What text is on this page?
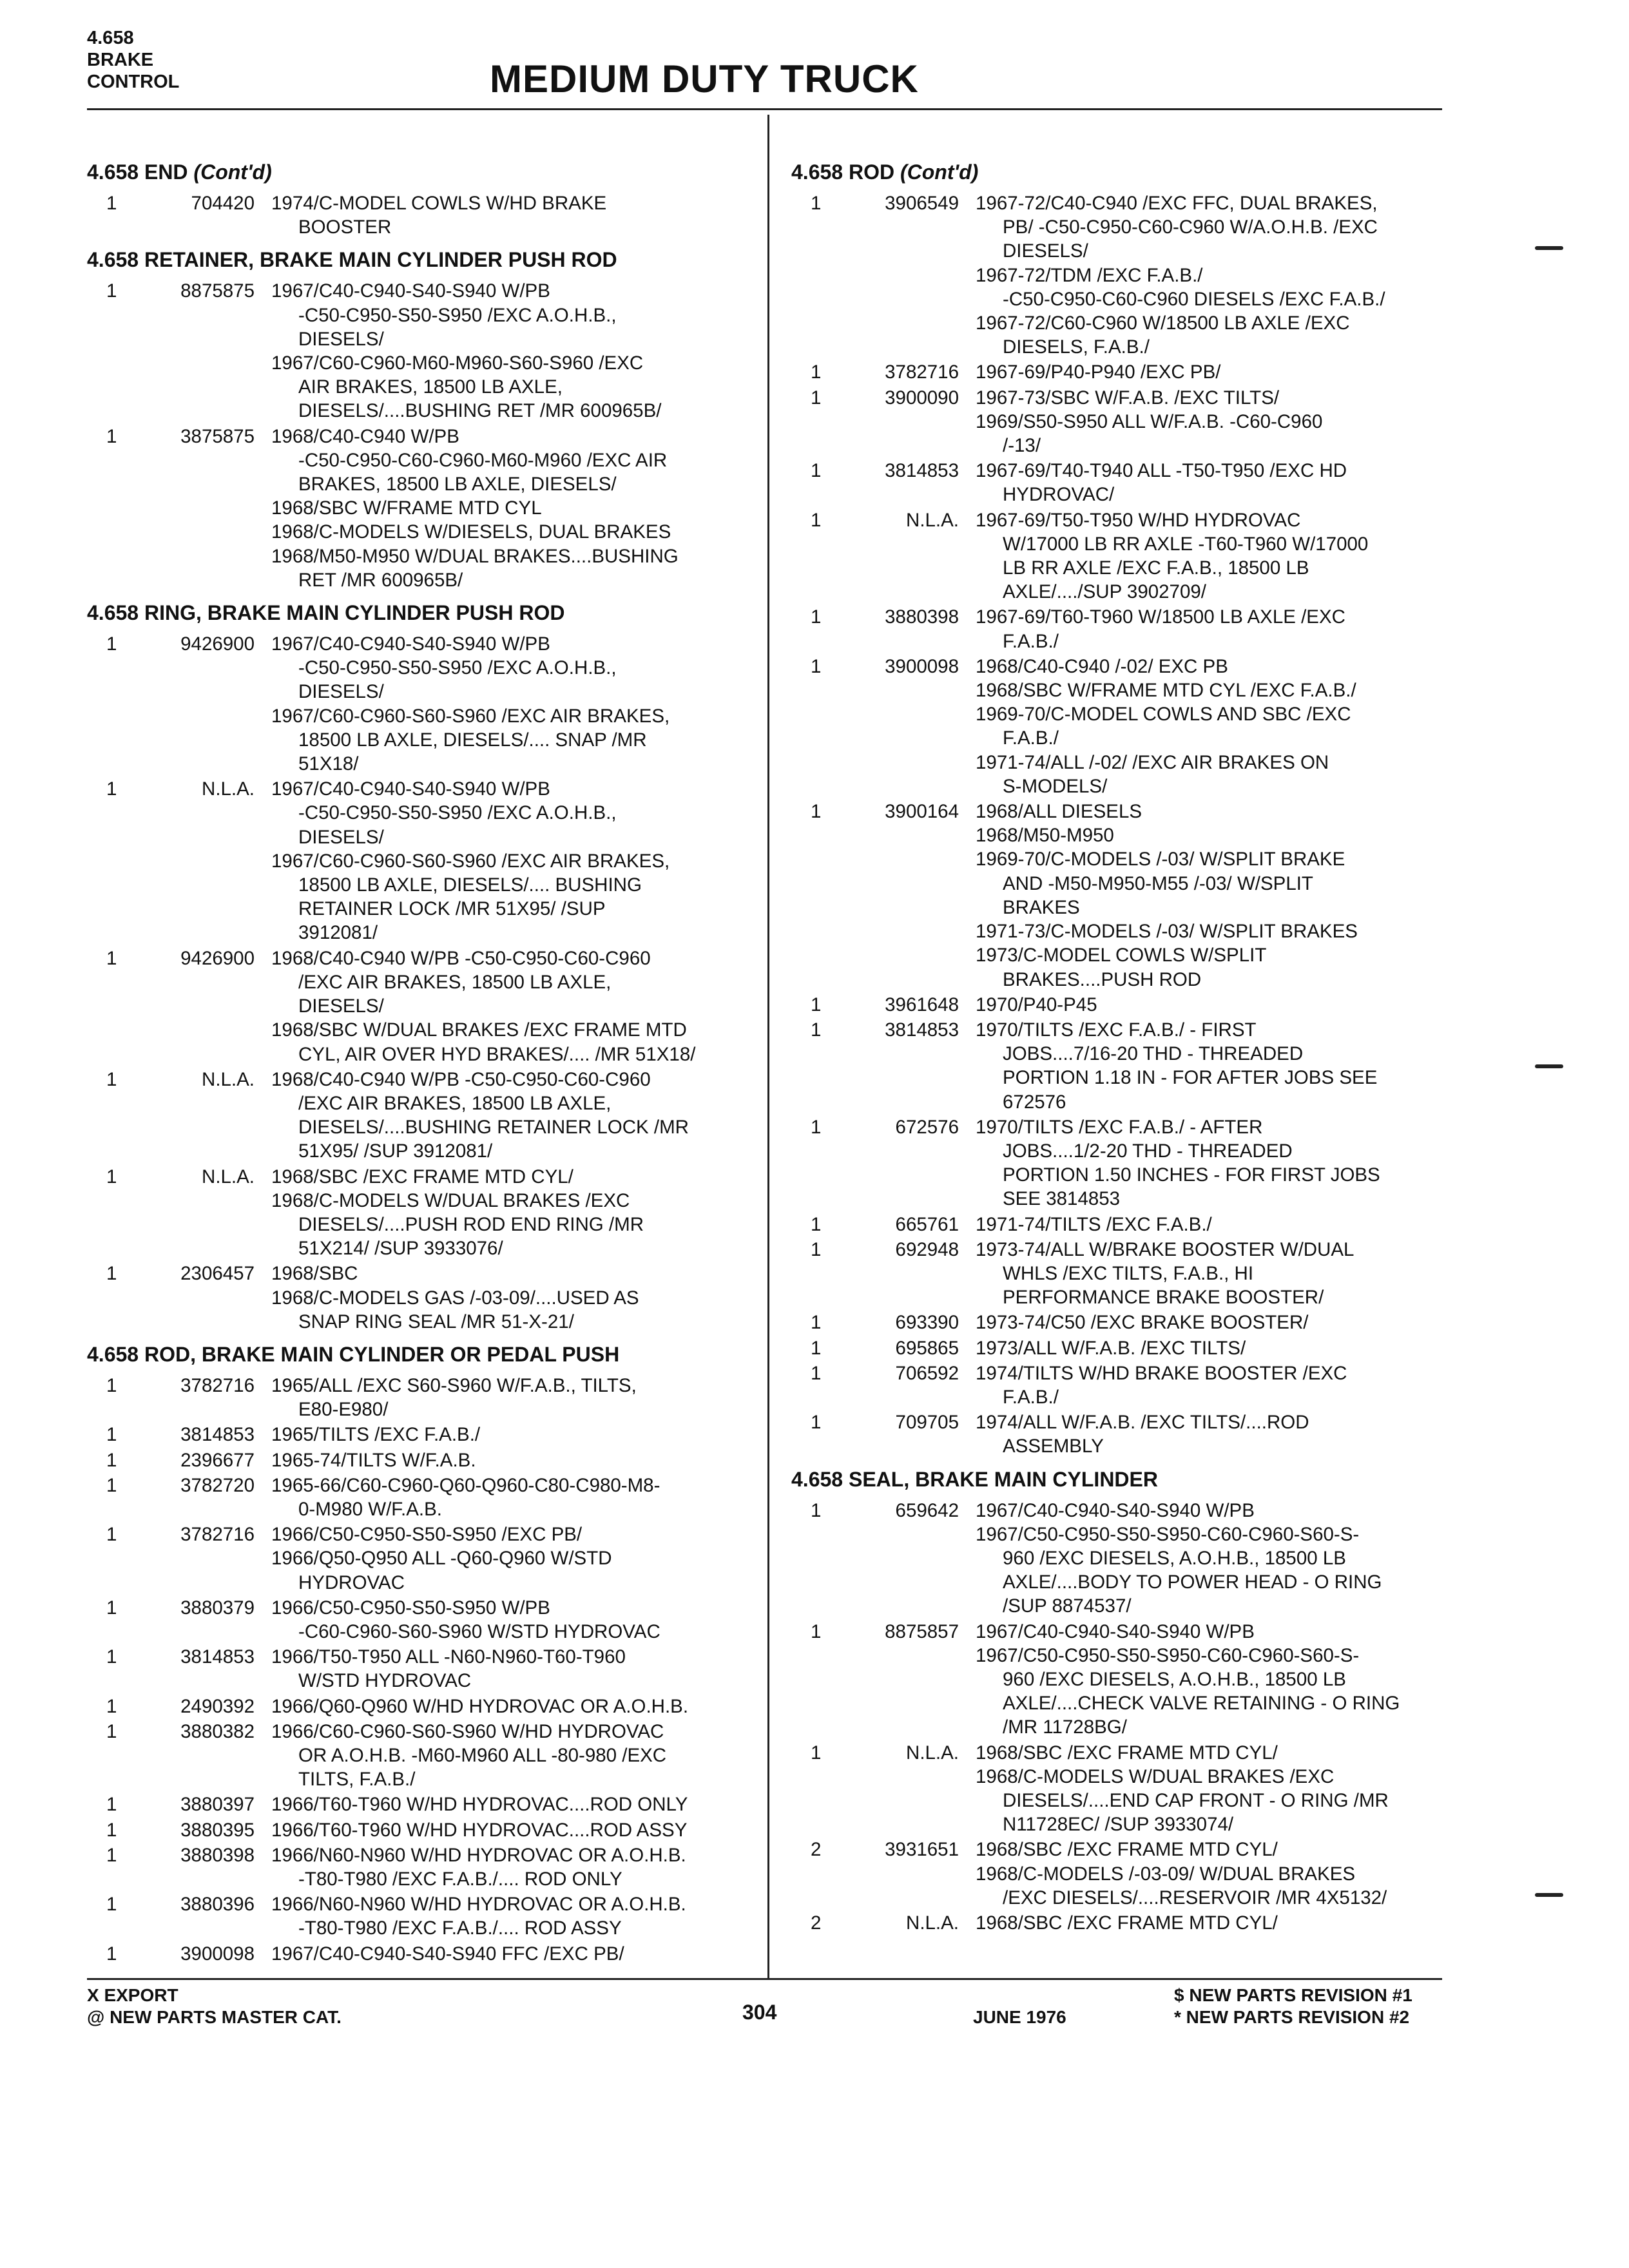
4.658
BRAKE
CONTROL	MEDIUM DUTY TRUCK
4.658 END (Cont'd)
1	704420 1974/C-MODEL COWLS W/HD BRAKE
BOOSTER
4.658 RETAINER, BRAKE MAIN CYLINDER PUSH ROD
1	8875875 1967/C40-C940-S40-S940 W/PB
-C50-C950-S50-S950 /EXC A.O.H.B.,
DIESELS/
1967/C60-C960-M60-M960-S60-S960 /EXC
AIR BRAKES, 18500 LB AXLE,
DIESELS/....BUSHING RET /MR 600965B/
1	3875875 1968/C40-C940 W/PB
-C50-C950-C60-C960-M60-M960 /EXC AIR
BRAKES, 18500 LB AXLE, DIESELS/
1968/SBC W/FRAME MTD CYL
1968/C-MODELS W/DIESELS, DUAL BRAKES
1968/M50-M950 W/DUAL BRAKES....BUSHING
RET /MR 600965B/
4.658 RING, BRAKE MAIN CYLINDER PUSH ROD
1	9426900 1967/C40-C940-S40-S940 W/PB
-C50-C950-S50-S950 /EXC A.O.H.B.,
DIESELS/
1967/C60-C960-S60-S960 /EXC AIR BRAKES,
18500 LB AXLE, DIESELS/.... SNAP /MR
51X18/
1	N.L.A. 1967/C40-C940-S40-S940 W/PB
-C50-C950-S50-S950 /EXC A.O.H.B.,
DIESELS/
1967/C60-C960-S60-S960 /EXC AIR BRAKES,
18500 LB AXLE, DIESELS/.... BUSHING
RETAINER LOCK /MR 51X95/ /SUP
3912081/
1	9426900 1968/C40-C940 W/PB -C50-C950-C60-C960
/EXC AIR BRAKES, 18500 LB AXLE,
DIESELS/
1968/SBC W/DUAL BRAKES /EXC FRAME MTD
CYL, AIR OVER HYD BRAKES/.... /MR 51X18/
1	N.L.A. 1968/C40-C940 W/PB -C50-C950-C60-C960
/EXC AIR BRAKES, 18500 LB AXLE,
DIESELS/....BUSHING RETAINER LOCK /MR
51X95/ /SUP 3912081/
1	N.L.A. 1968/SBC /EXC FRAME MTD CYL/
1968/C-MODELS W/DUAL BRAKES /EXC
DIESELS/....PUSH ROD END RING /MR
51X214/ /SUP 3933076/
1	2306457 1968/SBC
1968/C-MODELS GAS /-03-09/....USED AS
SNAP RING SEAL /MR 51-X-21/
4.658 ROD, BRAKE MAIN CYLINDER OR PEDAL PUSH
1	3782716 1965/ALL /EXC S60-S960 W/F.A.B., TILTS,
E80-E980/
1	3814853 1965/TILTS /EXC F.A.B./
1	2396677 1965-74/TILTS W/F.A.B.
1	3782720 1965-66/C60-C960-Q60-Q960-C80-C980-M8-
0-M980 W/F.A.B.
1	3782716 1966/C50-C950-S50-S950 /EXC PB/
1966/Q50-Q950 ALL -Q60-Q960 W/STD
HYDROVAC
1	3880379 1966/C50-C950-S50-S950 W/PB
-C60-C960-S60-S960 W/STD HYDROVAC
1	3814853 1966/T50-T950 ALL -N60-N960-T60-T960
W/STD HYDROVAC
1	2490392 1966/Q60-Q960 W/HD HYDROVAC OR A.O.H.B.
1	3880382 1966/C60-C960-S60-S960 W/HD HYDROVAC
OR A.O.H.B. -M60-M960 ALL -80-980 /EXC
TILTS, F.A.B./
1	3880397 1966/T60-T960 W/HD HYDROVAC....ROD ONLY
1	3880395 1966/T60-T960 W/HD HYDROVAC....ROD ASSY
1	3880398 1966/N60-N960 W/HD HYDROVAC OR A.O.H.B.
-T80-T980 /EXC F.A.B./.... ROD ONLY
1	3880396 1966/N60-N960 W/HD HYDROVAC OR A.O.H.B.
-T80-T980 /EXC F.A.B./.... ROD ASSY
1	3900098 1967/C40-C940-S40-S940 FFC /EXC PB/
4.658 ROD (Cont'd)
1	3906549 1967-72/C40-C940 /EXC FFC, DUAL BRAKES,
PB/ -C50-C950-C60-C960 W/A.O.H.B. /EXC
DIESELS/
1967-72/TDM /EXC F.A.B./
-C50-C950-C60-C960 DIESELS /EXC F.A.B./
1967-72/C60-C960 W/18500 LB AXLE /EXC
DIESELS, F.A.B./
1	3782716 1967-69/P40-P940 /EXC PB/
1	3900090 1967-73/SBC W/F.A.B. /EXC TILTS/
1969/S50-S950 ALL W/F.A.B. -C60-C960
/-13/
1	3814853 1967-69/T40-T940 ALL -T50-T950 /EXC HD
HYDROVAC/
1	N.L.A. 1967-69/T50-T950 W/HD HYDROVAC
W/17000 LB RR AXLE -T60-T960 W/17000
LB RR AXLE /EXC F.A.B., 18500 LB
AXLE/..../SUP 3902709/
1	3880398 1967-69/T60-T960 W/18500 LB AXLE /EXC
F.A.B./
1	3900098 1968/C40-C940 /-02/ EXC PB
1968/SBC W/FRAME MTD CYL /EXC F.A.B./
1969-70/C-MODEL COWLS AND SBC /EXC
F.A.B./
1971-74/ALL /-02/ /EXC AIR BRAKES ON
S-MODELS/
1	3900164 1968/ALL DIESELS
1968/M50-M950
1969-70/C-MODELS /-03/ W/SPLIT BRAKE
AND -M50-M950-M55 /-03/ W/SPLIT
BRAKES
1971-73/C-MODELS /-03/ W/SPLIT BRAKES
1973/C-MODEL COWLS W/SPLIT
BRAKES....PUSH ROD
1	3961648 1970/P40-P45
1	3814853 1970/TILTS /EXC F.A.B./ - FIRST
JOBS....7/16-20 THD - THREADED
PORTION 1.18 IN - FOR AFTER JOBS SEE
672576
1	672576 1970/TILTS /EXC F.A.B./ - AFTER
JOBS....1/2-20 THD - THREADED
PORTION 1.50 INCHES - FOR FIRST JOBS
SEE 3814853
1	665761 1971-74/TILTS /EXC F.A.B./
1	692948 1973-74/ALL W/BRAKE BOOSTER W/DUAL
WHLS /EXC TILTS, F.A.B., HI
PERFORMANCE BRAKE BOOSTER/
1	693390 1973-74/C50 /EXC BRAKE BOOSTER/
1	695865 1973/ALL W/F.A.B. /EXC TILTS/
1	706592 1974/TILTS W/HD BRAKE BOOSTER /EXC
F.A.B./
1	709705 1974/ALL W/F.A.B. /EXC TILTS/....ROD
ASSEMBLY
4.658 SEAL, BRAKE MAIN CYLINDER
1	659642 1967/C40-C940-S40-S940 W/PB
1967/C50-C950-S50-S950-C60-C960-S60-S-
960 /EXC DIESELS, A.O.H.B., 18500 LB
AXLE/....BODY TO POWER HEAD - O RING
/SUP 8874537/
1	8875857 1967/C40-C940-S40-S940 W/PB
1967/C50-C950-S50-S950-C60-C960-S60-S-
960 /EXC DIESELS, A.O.H.B., 18500 LB
AXLE/....CHECK VALVE RETAINING - O RING
/MR 11728BG/
1	N.L.A. 1968/SBC /EXC FRAME MTD CYL/
1968/C-MODELS W/DUAL BRAKES /EXC
DIESELS/....END CAP FRONT - O RING /MR
N11728EC/ /SUP 3933074/
2	3931651 1968/SBC /EXC FRAME MTD CYL/
1968/C-MODELS /-03-09/ W/DUAL BRAKES
/EXC DIESELS/....RESERVOIR /MR 4X5132/
2	N.L.A. 1968/SBC /EXC FRAME MTD CYL/
X EXPORT
@ NEW PARTS MASTER CAT.	304	JUNE 1976
$ NEW PARTS REVISION #1
* NEW PARTS REVISION #2
